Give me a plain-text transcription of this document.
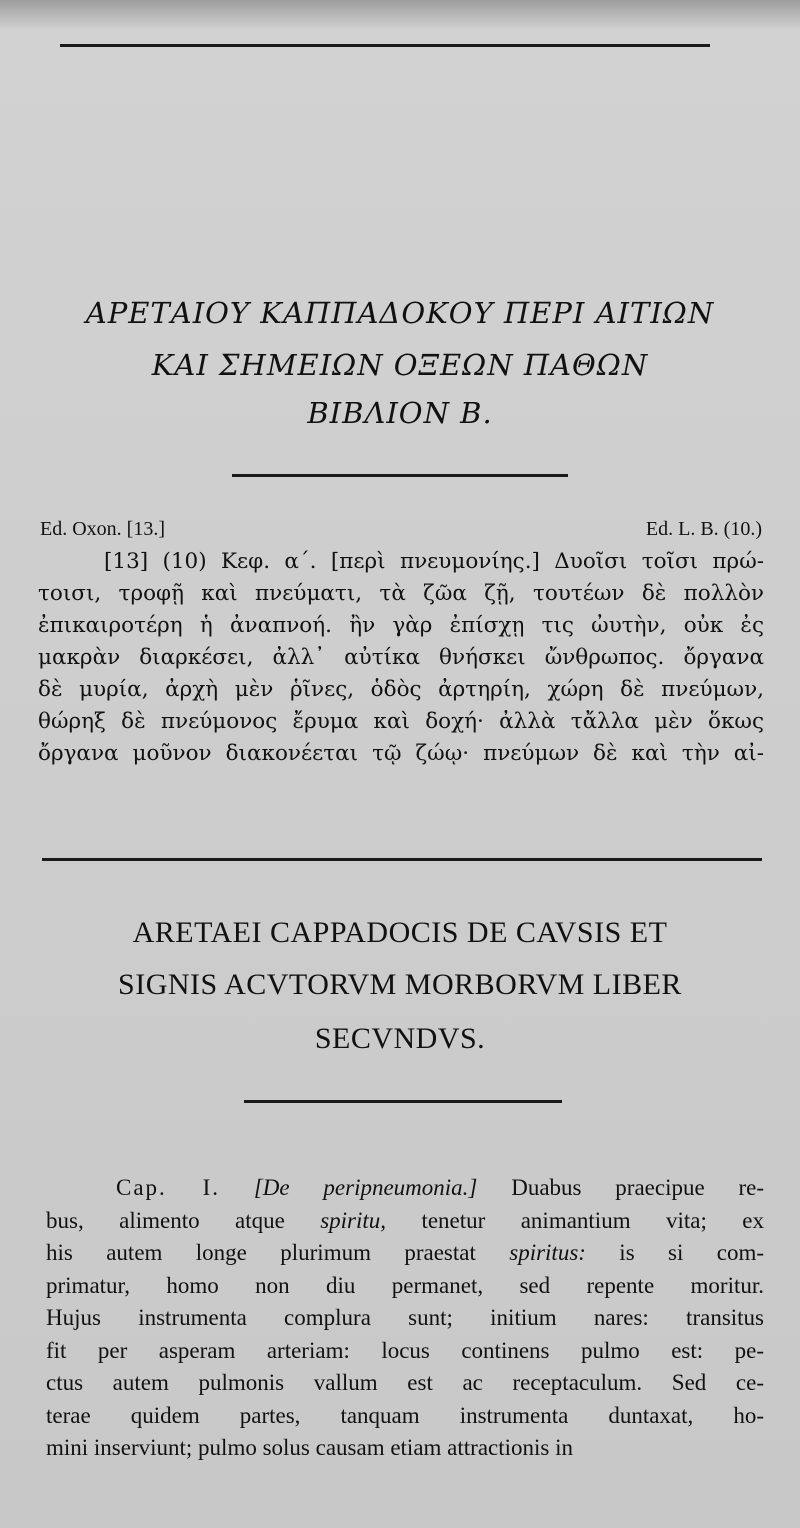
ΑΡΕΤΑΙΟΥ ΚΑΠΠΑΔΟΚΟΥ ΠΕΡΙ ΑΙΤΙΩΝ
ΚΑΙ ΣΗΜΕΙΩΝ ΟΞΕΩΝ ΠΑΘΩΝ
ΒΙΒΛΙΟΝ Β.
Ed. Oxon. [13.]	Ed. L. B. (10.)
[13] (10) Κεφ. α΄. [περὶ πνευμονίης.] Δυοῖσι τοῖσι πρώ-
τοισι, τροφῇ καὶ πνεύματι, τὰ ζῶα ζῇ, τουτέων δὲ πολλὸν
ἐπικαιροτέρη ἡ ἀναπνοή. ἢν γὰρ ἐπίσχῃ τις ὠυτὴν, οὐκ ἐς
μακρὰν διαρκέσει, ἀλλ᾿ αὐτίκα θνήσκει ὤνθρωπος. ὄργανα
δὲ μυρία, ἀρχὴ μὲν ῥῖνες, ὁδὸς ἀρτηρίη, χώρη δὲ πνεύμων,
θώρηξ δὲ πνεύμονος ἔρυμα καὶ δοχή· ἀλλὰ τἄλλα μὲν ὅκως
ὄργανα μοῦνον διακονέεται τῷ ζώῳ· πνεύμων δὲ καὶ τὴν αἰ-
ARETAEI CAPPADOCIS DE CAVSIS ET
SIGNIS ACVTORVM MORBORVM LIBER
SECVNDVS.
Cap. I. [De peripneumonia.] Duabus praecipue re-
bus, alimento atque spiritu, tenetur animantium vita; ex
his autem longe plurimum praestat spiritus: is si com-
primatur, homo non diu permanet, sed repente moritur.
Hujus instrumenta complura sunt; initium nares: transitus
fit per asperam arteriam: locus continens pulmo est: pe-
ctus autem pulmonis vallum est ac receptaculum. Sed ce-
terae quidem partes, tanquam instrumenta duntaxat, ho-
mini inserviunt; pulmo solus causam etiam attractionis in
